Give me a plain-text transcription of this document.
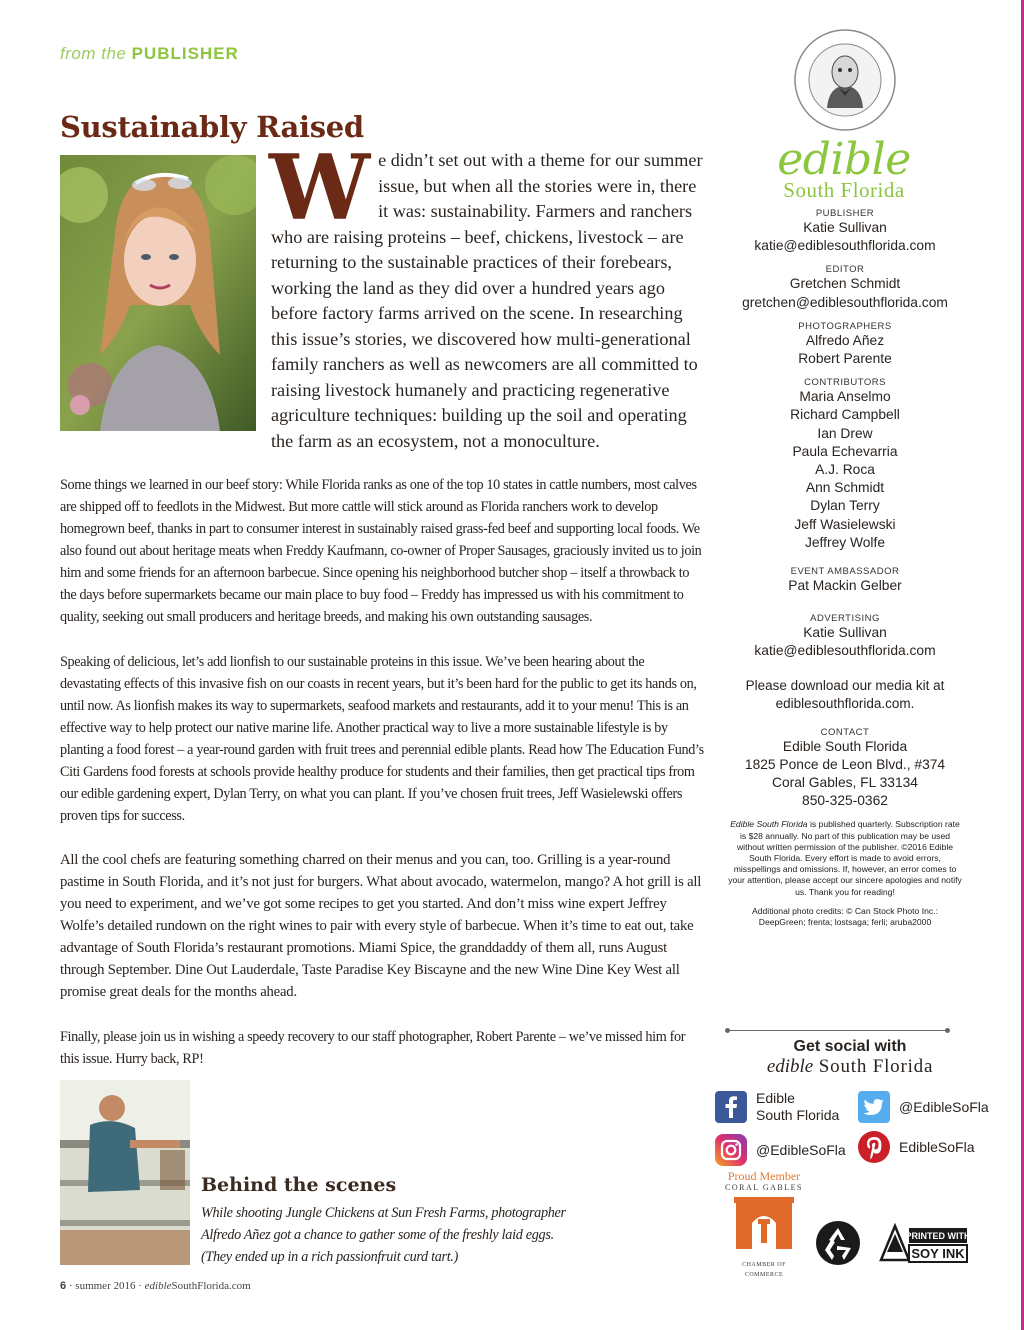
from the PUBLISHER
Sustainably Raised
W e didn’t set out with a theme for our summer issue, but when all the stories were in, there it was: sustainability. Farmers and ranchers who are raising proteins – beef, chickens, livestock – are returning to the sustainable practices of their forebears, working the land as they did over a hundred years ago before factory farms arrived on the scene. In researching this issue’s stories, we discovered how multi-generational family ranchers as well as newcomers are all committed to raising livestock humanely and practicing regenerative agriculture techniques: building up the soil and operating the farm as an ecosystem, not a monoculture.

Some things we learned in our beef story: While Florida ranks as one of the top 10 states in cattle numbers, most calves are shipped off to feedlots in the Midwest. But more cattle will stick around as Florida ranchers work to develop homegrown beef, thanks in part to consumer interest in sustainably raised grass-fed beef and supporting local foods. We also found out about heritage meats when Freddy Kaufmann, co-owner of Proper Sausages, graciously invited us to join him and some friends for an afternoon barbecue. Since opening his neighborhood butcher shop – itself a throwback to the days before supermarkets became our main place to buy food – Freddy has impressed us with his commitment to quality, seeking out small producers and heritage breeds, and making his own outstanding sausages.

Speaking of delicious, let’s add lionfish to our sustainable proteins in this issue. We’ve been hearing about the devastating effects of this invasive fish on our coasts in recent years, but it’s been hard for the public to get its hands on, until now. As lionfish makes its way to supermarkets, seafood markets and restaurants, add it to your menu! This is an effective way to help protect our native marine life. Another practical way to live a more sustainable lifestyle is by planting a food forest – a year-round garden with fruit trees and perennial edible plants. Read how The Education Fund’s Citi Gardens food forests at schools provide healthy produce for students and their families, then get practical tips from our edible gardening expert, Dylan Terry, on what you can plant. If you’ve chosen fruit trees, Jeff Wasielewski offers proven tips for success.

All the cool chefs are featuring something charred on their menus and you can, too. Grilling is a year-round pastime in South Florida, and it’s not just for burgers. What about avocado, watermelon, mango? A hot grill is all you need to experiment, and we’ve got some recipes to get you started. And don’t miss wine expert Jeffrey Wolfe’s detailed rundown on the right wines to pair with every style of barbecue. When it’s time to eat out, take advantage of South Florida’s restaurant promotions. Miami Spice, the granddaddy of them all, runs August through September. Dine Out Lauderdale, Taste Paradise Key Biscayne and the new Wine Dine Key West all promise great deals for the months ahead.

Finally, please join us in wishing a speedy recovery to our staff photographer, Robert Parente – we’ve missed him for this issue. Hurry back, RP!

Behind the scenes

While shooting Jungle Chickens at Sun Fresh Farms, photographer Alfredo Añez got a chance to gather some of the freshly laid eggs. (They ended up in a rich passionfruit curd tart.)

6 · summer 2016 · edibleSouthFlorida.com
edible
South Florida
PUBLISHER
Katie Sullivan
katie@ediblesouthflorida.com
EDITOR
Gretchen Schmidt
gretchen@ediblesouthflorida.com
PHOTOGRAPHERS
Alfredo Añez
Robert Parente
CONTRIBUTORS
Maria Anselmo
Richard Campbell
Ian Drew
Paula Echevarria
A.J. Roca
Ann Schmidt
Dylan Terry
Jeff Wasielewski
Jeffrey Wolfe
EVENT AMBASSADOR
Pat Mackin Gelber
ADVERTISING
Katie Sullivan
katie@ediblesouthflorida.com
Please download our media kit at ediblesouthflorida.com.
CONTACT
Edible South Florida
1825 Ponce de Leon Blvd., #374
Coral Gables, FL 33134
850-325-0362
Edible South Florida is published quarterly. Subscription rate is $28 annually. No part of this publication may be used without written permission of the publisher. ©2016 Edible South Florida. Every effort is made to avoid errors, misspellings and omissions. If, however, an error comes to your attention, please accept our sincere apologies and notify us. Thank you for reading!
Additional photo credits: © Can Stock Photo Inc.: DeepGreen; frenta; lostsaga; ferli; aruba2000
Get social with
edible South Florida
Edible
South Florida	@EdibleSoFla
@EdibleSoFla	EdibleSoFla
Proud Member
CORAL GABLES
CHAMBER OF COMMERCE
PRINTED WITH
SOY INK
